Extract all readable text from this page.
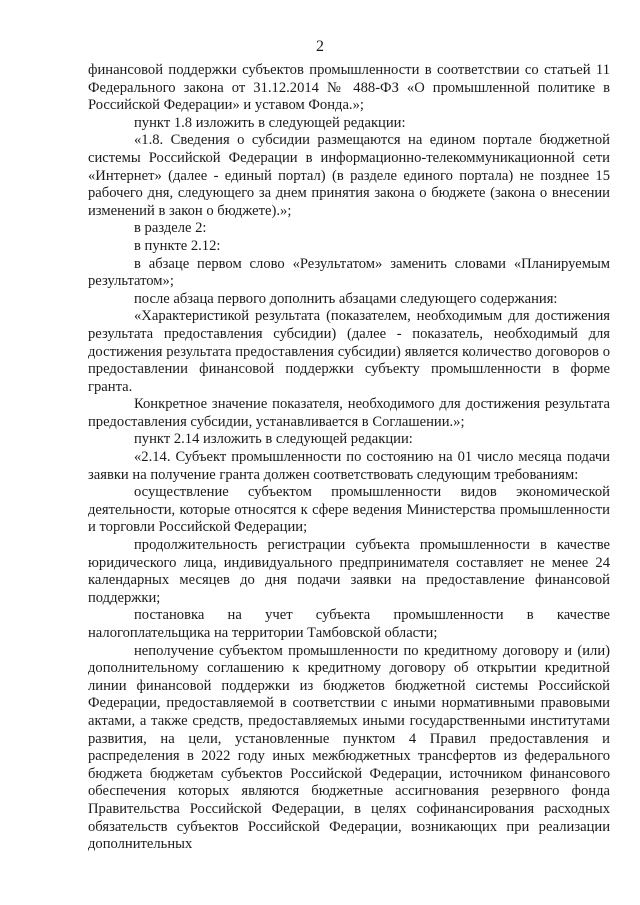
2

финансовой поддержки субъектов промышленности в соответствии со статьей 11 Федерального закона от 31.12.2014 № 488-ФЗ «О промышленной политике в Российской Федерации» и уставом Фонда.»;

пункт 1.8 изложить в следующей редакции:

«1.8. Сведения о субсидии размещаются на едином портале бюджетной системы Российской Федерации в информационно-телекоммуникационной сети «Интернет» (далее - единый портал) (в разделе единого портала) не позднее 15 рабочего дня, следующего за днем принятия закона о бюджете (закона о внесении изменений в закон о бюджете).»;

в разделе 2:

в пункте 2.12:

в абзаце первом слово «Результатом» заменить словами «Планируемым результатом»;

после абзаца первого дополнить абзацами следующего содержания:

«Характеристикой результата (показателем, необходимым для достижения результата предоставления субсидии) (далее - показатель, необходимый для достижения результата предоставления субсидии) является количество договоров о предоставлении финансовой поддержки субъекту промышленности в форме гранта.

Конкретное значение показателя, необходимого для достижения результата предоставления субсидии, устанавливается в Соглашении.»;

пункт 2.14 изложить в следующей редакции:

«2.14. Субъект промышленности по состоянию на 01 число месяца подачи заявки на получение гранта должен соответствовать следующим требованиям:

осуществление субъектом промышленности видов экономической деятельности, которые относятся к сфере ведения Министерства промышленности и торговли Российской Федерации;

продолжительность регистрации субъекта промышленности в качестве юридического лица, индивидуального предпринимателя составляет не менее 24 календарных месяцев до дня подачи заявки на предоставление финансовой поддержки;

постановка на учет субъекта промышленности в качестве налогоплательщика на территории Тамбовской области;

неполучение субъектом промышленности по кредитному договору и (или) дополнительному соглашению к кредитному договору об открытии кредитной линии финансовой поддержки из бюджетов бюджетной системы Российской Федерации, предоставляемой в соответствии с иными нормативными правовыми актами, а также средств, предоставляемых иными государственными институтами развития, на цели, установленные пунктом 4 Правил предоставления и распределения в 2022 году иных межбюджетных трансфертов из федерального бюджета бюджетам субъектов Российской Федерации, источником финансового обеспечения которых являются бюджетные ассигнования резервного фонда Правительства Российской Федерации, в целях софинансирования расходных обязательств субъектов Российской Федерации, возникающих при реализации дополнительных
